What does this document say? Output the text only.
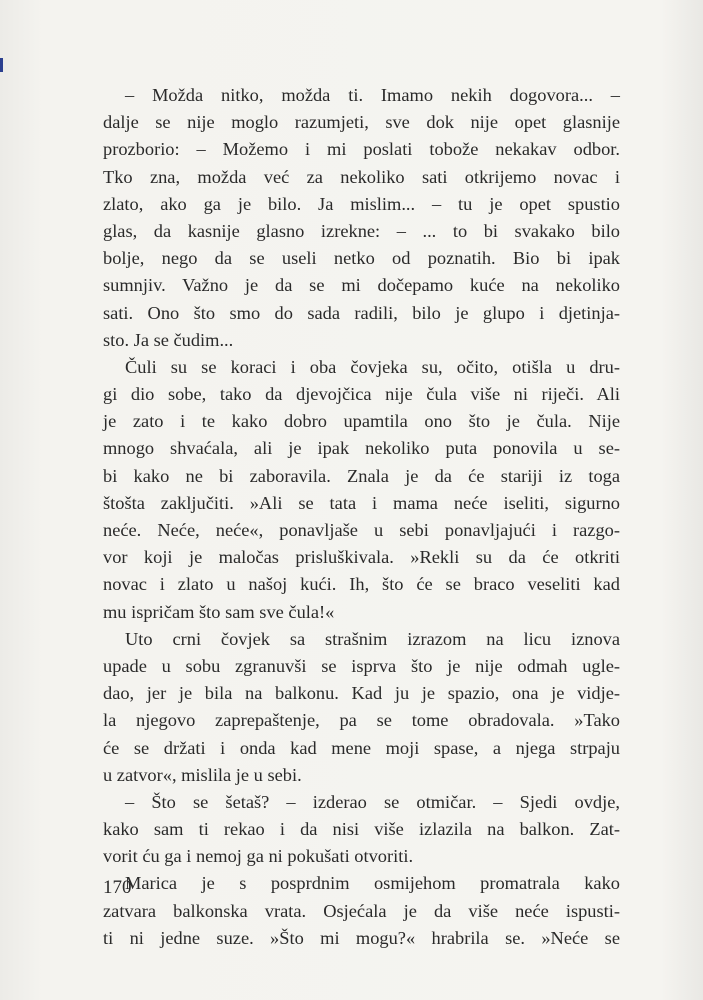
– Možda nitko, možda ti. Imamo nekih dogovora... –
dalje se nije moglo razumjeti, sve dok nije opet glasnije
prozborio: – Možemo i mi poslati tobože nekakav odbor.
Tko zna, možda već za nekoliko sati otkrijemo novac i
zlato, ako ga je bilo. Ja mislim... – tu je opet spustio
glas, da kasnije glasno izrekne: – ... to bi svakako bilo
bolje, nego da se useli netko od poznatih. Bio bi ipak
sumnjiv. Važno je da se mi dočepamo kuće na nekoliko
sati. Ono što smo do sada radili, bilo je glupo i djetinja-
sto. Ja se čudim...
Čuli su se koraci i oba čovjeka su, očito, otišla u dru-
gi dio sobe, tako da djevojčica nije čula više ni riječi. Ali
je zato i te kako dobro upamtila ono što je čula. Nije
mnogo shvaćala, ali je ipak nekoliko puta ponovila u se-
bi kako ne bi zaboravila. Znala je da će stariji iz toga
štošta zaključiti. »Ali se tata i mama neće iseliti, sigurno
neće. Neće, neće«, ponavljaše u sebi ponavljajući i razgo-
vor koji je maločas prisluškivala. »Rekli su da će otkriti
novac i zlato u našoj kući. Ih, što će se braco veseliti kad
mu ispričam što sam sve čula!«
Uto crni čovjek sa strašnim izrazom na licu iznova
upade u sobu zgranuvši se isprva što je nije odmah ugle-
dao, jer je bila na balkonu. Kad ju je spazio, ona je vidje-
la njegovo zaprepaštenje, pa se tome obradovala. »Tako
će se držati i onda kad mene moji spase, a njega strpaju
u zatvor«, mislila je u sebi.
– Što se šetaš? – izderao se otmičar. – Sjedi ovdje,
kako sam ti rekao i da nisi više izlazila na balkon. Zat-
vorit ću ga i nemoj ga ni pokušati otvoriti.
Marica je s posprdnim osmijehom promatrala kako
zatvara balkonska vrata. Osjećala je da više neće ispusti-
ti ni jedne suze. »Što mi mogu?« hrabrila se. »Neće se
170
